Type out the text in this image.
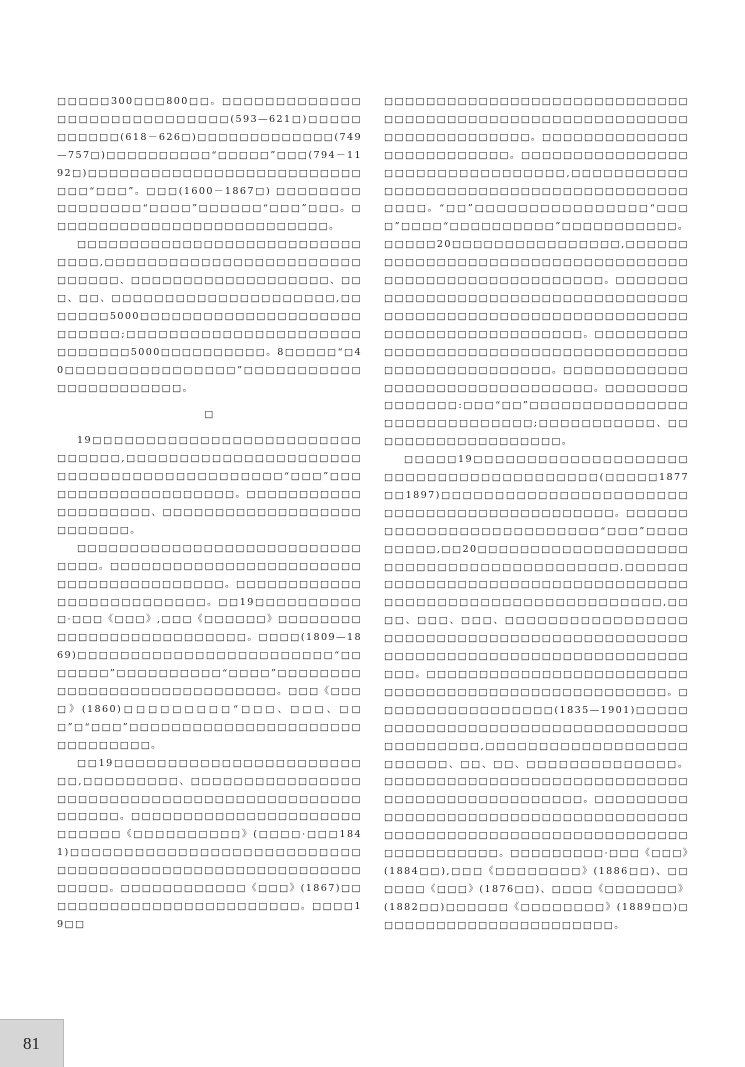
□□□□□300□□□800□□。□□□□□□□□□□□□□□□□□□□□□□□□□□□□□(593—621□)□□□□□□□□□□□(618－626□)□□□□□□□□□□□□□(749—757□)□□□□□□□□□□“□□□□□”□□□(794－1192□)□□□□□□□□□□□□□□□□□□□□□□□□□□□□□“□□□”。□□□(1600－1867□) □□□□□□□□□□□□□□□□“□□□□”□□□□□□“□□□”□□□。□□□□□□□□□□□□□□□□□□□□□□□□□□□。

□□□□□□□□□□□□□□□□□□□□□□□□□□□□□□□,□□□□□□□□□□□□□□□□□□□□□□□□□□□□□□、□□□□□□□□□□□□□□□□□□□、□□□、□□、□□□□□□□□□□□□□□□□□□□□□,□□□□□□□5000□□□□□□□□□□□□□□□□□□□□□□□□□□□;□□□□□□□□□□□□□□□□□□□□□□□□□□□□□5000□□□□□□□□□□。8□□□□□“□40□□□□□□□□□□□□□□□□”□□□□□□□□□□□□□□□□□□□□□□□。

□

19□□□□□□□□□□□□□□□□□□□□□□□□□□□□□□□,□□□□□□□□□□□□□□□□□□□□□□□□□□□□□□□□□□□□□□□□□□□“□□□”□□□□□□□□□□□□□□□□□□□□。□□□□□□□□□□□□□□□□□□□□、□□□□□□□□□□□□□□□□□□□□□□□□□□。

□□□□□□□□□□□□□□□□□□□□□□□□□□□□□□□。□□□□□□□□□□□□□□□□□□□□□□□□□□□□□□□□□□□□□□□□。□□□□□□□□□□□□□□□□□□□□□□□□□□。□□19□□□□□□□□□□□·□□□《□□□》,□□□《□□□□□□》□□□□□□□□□□□□□□□□□□□□□□□□□□。□□□□(1809—1869)□□□□□□□□□□□□□□□□□□□□□□□□“□□□□□□□”□□□□□□□□□□“□□□□”□□□□□□□□□□□□□□□□□□□□□□□□□□□□□。□□□《□□□□》(1860)□□□□□□□□□“□□□、□□□、□□□”□“□□□”□□□□□□□□□□□□□□□□□□□□□□□□□□□□□□□。

□□19□□□□□□□□□□□□□□□□□□□□□□□□□,□□□□□□□□□、□□□□□□□□□□□□□□□□□□□□□□□□□□□□□□□□□□□□□□□□□□□□□□□□□□□。□□□□□□□□□□□□□□□□□□□□□□□□□□□□《□□□□□□□□□□》(□□□□·□□□1841)□□□□□□□□□□□□□□□□□□□□□□□□□□□□□□□□□□□□□□□□□□□□□□□□□□□□□□□□□□□□□。□□□□□□□□□□□□《□□□》(1867)□□□□□□□□□□□□□□□□□□□□□□□□□。□□□□19□□

□□□□□□□□□□□□□□□□□□□□□□□□□□□□□□□□□□□□□□□□□□□□□□□□□□□□□□□□□□□□□□□□□□□□□□□□。□□□□□□□□□□□□□□□□□□□□□□□□□□。□□□□□□□□□□□□□□□□□□□□□□□□□□□□□□□□□,□□□□□□□□□□□□□□□□□□□□□□□□□□□□□□□□□□□□□□□□□□□□。“□□”□□□□□□□□□□□□□□□□“□□□□”□□□□“□□□□□□□□□□”□□□□□□□□□□□。□□□□□20□□□□□□□□□□□□□□□□,□□□□□□□□□□□□□□□□□□□□□□□□□□□□□□□□□□□□□□□□□□□□□□□□□□□□□□□□。□□□□□□□□□□□□□□□□□□□□□□□□□□□□□□□□□□□□□□□□□□□□□□□□□□□□□□□□□□□□□□□□□□□□□□□□□□□□□□□□□□□□。□□□□□□□□□□□□□□□□□□□□□□□□□□□□□□□□□□□□□□□□□□□□□□□□□□□□□□。□□□□□□□□□□□□□□□□□□□□□□□□□□□□□□□□。□□□□□□□□□□□□□□□:□□□“□□”□□□□□□□□□□□□□□□□□□□□□□□□□□□□□;□□□□□□□□□□□、□□□□□□□□□□□□□□□□□□□。

□□□□□19□□□□□□□□□□□□□□□□□□□□□□□□□□□□□□□□□□□□□□□□(□□□□□1877□□1897)□□□□□□□□□□□□□□□□□□□□□□□□□□□□□□□□□□□□□□□□□□□□□。□□□□□□□□□□□□□□□□□□□□□□□□□□“□□□”□□□□□□□□□,□□20□□□□□□□□□□□□□□□□□□□□□□□□□□□□□□□□□□□□□□□□□□,□□□□□□□□□□□□□□□□□□□□□□□□□□□□□□□□□□□□□□□□□□□□□□□□□□□□□□□□□□□□□,□□□□、□□□、□□□、□□□□□□□□□□□□□□□□□□□□□□□□□□□□□□□□□□□□□□□□□□□□□□□□□□□□□□□□□□□□□□□□□□□□□□□□□□□□□□。□□□□□□□□□□□□□□□□□□□□□□□□□□□□□□□□□□□□□□□□□□□□□□□□□□□□。□□□□□□□□□□□□□□□□□(1835—1901)□□□□□□□□□□□□□□□□□□□□□□□□□□□□□□□□□□□□□□□□□□□,□□□□□□□□□□□□□□□□□□□□□□□□□、□□、□□、□□□□□□□□□□□□□□。□□□□□□□□□□□□□□□□□□□□□□□□□□□□□□□□□□□□□□□□□□□□□□□□。□□□□□□□□□□□□□□□□□□□□□□□□□□□□□□□□□□□□□□□□□□□□□□□□□□□□□□□□□□□□□□□□□□□□□□□□□□□□□□。□□□□□□□□□·□□□《□□□》(1884□□),□□□《□□□□□□□□》(1886□□)、□□□□□□《□□□》(1876□□)、□□□□《□□□□□□□》(1882□□)□□□□□□《□□□□□□□□》(1889□□)□□□□□□□□□□□□□□□□□□□□□□□。

81
